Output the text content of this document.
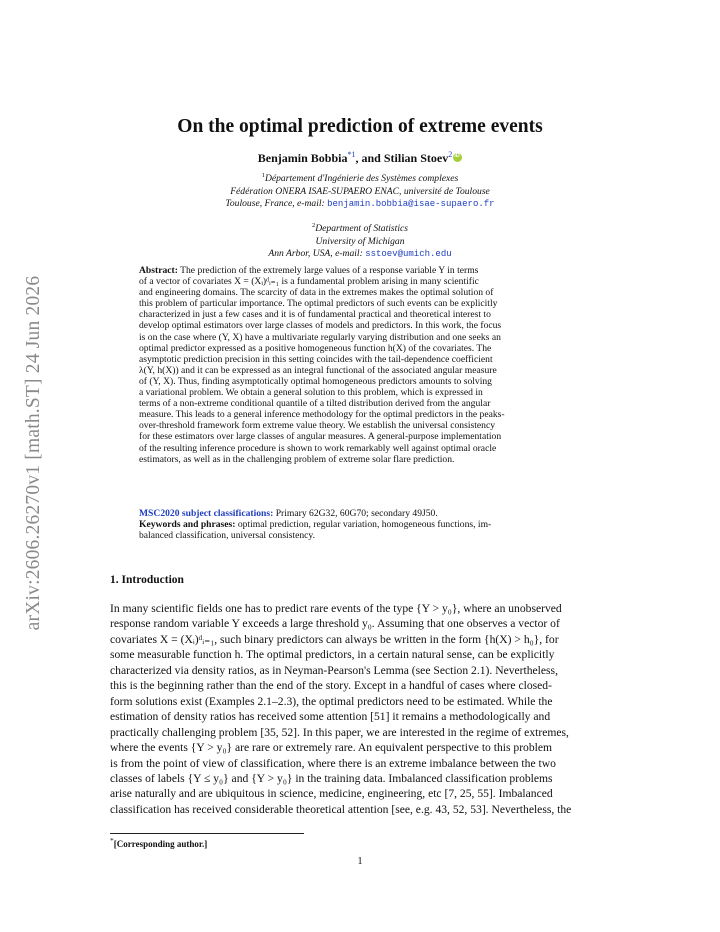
arXiv:2606.26270v1 [math.ST] 24 Jun 2026
On the optimal prediction of extreme events
Benjamin Bobbia$^{*1}$, and Stilian Stoev$^2$iD
$^1$Département d'Ingénierie des Systèmes complexes
Fédération ONERA ISAE-SUPAERO ENAC, université de Toulouse
Toulouse, France, e-mail: benjamin.bobbia@isae-supaero.fr
$^2$Department of Statistics
University of Michigan
Ann Arbor, USA, e-mail: sstoev@umich.edu
Abstract: The prediction of the extremely large values of a response variable Y in terms
of a vector of covariates X = (Xᵢ)ᵈᵢ₌₁ is a fundamental problem arising in many scientific
and engineering domains. The scarcity of data in the extremes makes the optimal solution of
this problem of particular importance. The optimal predictors of such events can be explicitly
characterized in just a few cases and it is of fundamental practical and theoretical interest to
develop optimal estimators over large classes of models and predictors. In this work, the focus
is on the case where (Y, X) have a multivariate regularly varying distribution and one seeks an
optimal predictor expressed as a positive homogeneous function h(X) of the covariates. The
asymptotic prediction precision in this setting coincides with the tail-dependence coefficient
λ(Y, h(X)) and it can be expressed as an integral functional of the associated angular measure
of (Y, X). Thus, finding asymptotically optimal homogeneous predictors amounts to solving
a variational problem. We obtain a general solution to this problem, which is expressed in
terms of a non-extreme conditional quantile of a tilted distribution derived from the angular
measure. This leads to a general inference methodology for the optimal predictors in the peaks-
over-threshold framework form extreme value theory. We establish the universal consistency
for these estimators over large classes of angular measures. A general-purpose implementation
of the resulting inference procedure is shown to work remarkably well against optimal oracle
estimators, as well as in the challenging problem of extreme solar flare prediction.
MSC2020 subject classifications: Primary 62G32, 60G70; secondary 49J50.
Keywords and phrases: optimal prediction, regular variation, homogeneous functions, im-
balanced classification, universal consistency.
1. Introduction
In many scientific fields one has to predict rare events of the type {Y > y₀}, where an unobserved
response random variable Y exceeds a large threshold y₀. Assuming that one observes a vector of
covariates X = (Xᵢ)ᵈᵢ₌₁, such binary predictors can always be written in the form {h(X) > h₀}, for
some measurable function h. The optimal predictors, in a certain natural sense, can be explicitly
characterized via density ratios, as in Neyman-Pearson's Lemma (see Section 2.1). Nevertheless,
this is the beginning rather than the end of the story. Except in a handful of cases where closed-
form solutions exist (Examples 2.1–2.3), the optimal predictors need to be estimated. While the
estimation of density ratios has received some attention [51] it remains a methodologically and
practically challenging problem [35, 52]. In this paper, we are interested in the regime of extremes,
where the events {Y > y₀} are rare or extremely rare. An equivalent perspective to this problem
is from the point of view of classification, where there is an extreme imbalance between the two
classes of labels {Y ≤ y₀} and {Y > y₀} in the training data. Imbalanced classification problems
arise naturally and are ubiquitous in science, medicine, engineering, etc [7, 25, 55]. Imbalanced
classification has received considerable theoretical attention [see, e.g. 43, 52, 53]. Nevertheless, the
*[Corresponding author.]
1
